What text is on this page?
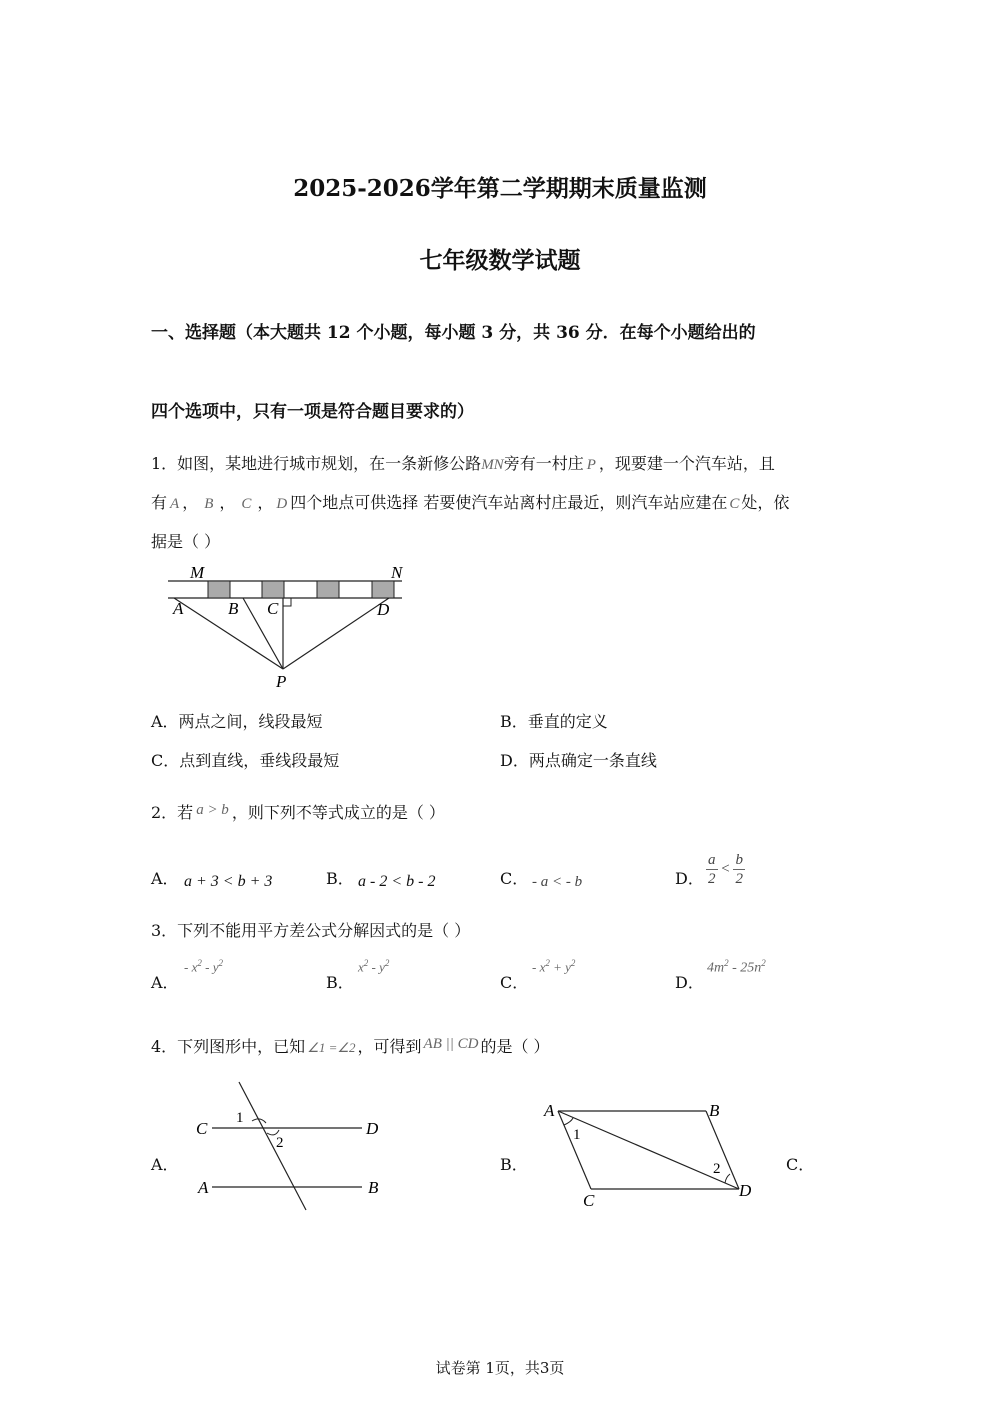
2025-2026学年第二学期期末质量监测
七年级数学试题
一、选择题（本大题共 12 个小题，每小题 3 分，共 36 分．在每个小题给出的
四个选项中，只有一项是符合题目要求的）
1．如图，某地进行城市规划，在一条新修公路MN旁有一村庄 P ，现要建一个汽车站，且
有 A ， B ， C ， D 四个地点可供选择 若要使汽车站离村庄最近，则汽车站应建在 C 处，依
据是（ ）
M	N
A	B C	D
P
A．两点之间，线段最短	B．垂直的定义
C．点到直线，垂线段最短	D．两点确定一条直线
2．若 a > b ，则下列不等式成立的是（ ）
A． a + 3 < b + 3	B． a - 2 < b - 2	C． - a < - b	D． $\frac{a}{2} < \frac{b}{2}$
3．下列不能用平方差公式分解因式的是（ ）
A．
- $x^2 - y^2$
B．
$x^2 - y^2$
C．
- $x^2 + y^2$
D．
$4m^2 - 25n^2$
4．下列图形中，已知 ∠1 =∠2 ，可得到 AB || CD 的是（ ）
A．
C	D
A	B
1
2
B．
A	B
C
D
1
2	C．
试卷第 1页，共3页
